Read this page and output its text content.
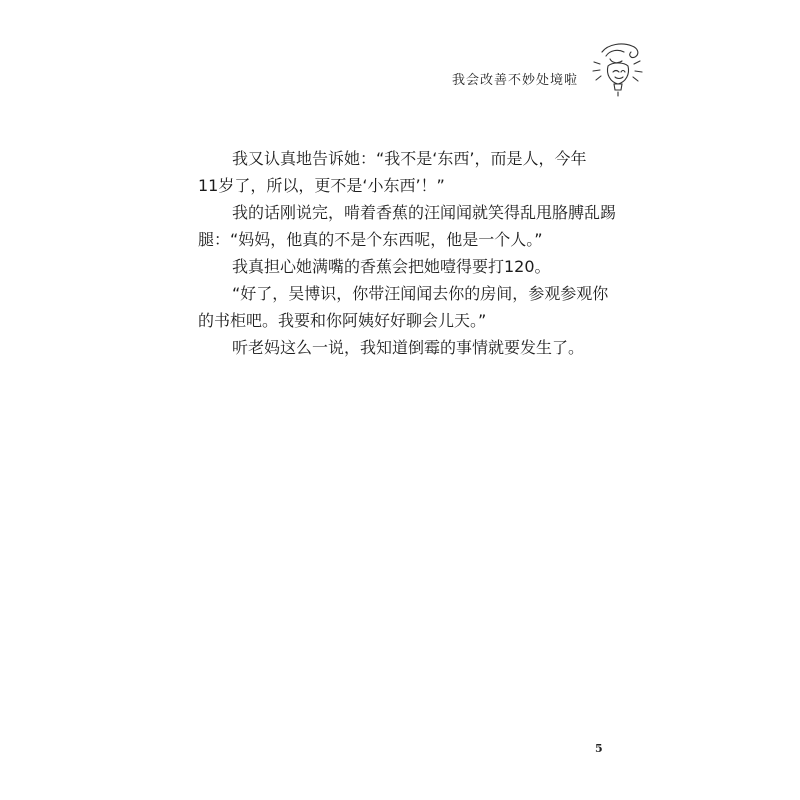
我会改善不妙处境啦
我又认真地告诉她：“我不是‘东西’，而是人，今年
11岁了，所以，更不是‘小东西’！”
我的话刚说完，啃着香蕉的汪闻闻就笑得乱甩胳膊乱踢
腿：“妈妈，他真的不是个东西呢，他是一个人。”
我真担心她满嘴的香蕉会把她噎得要打120。
“好了，吴博识，你带汪闻闻去你的房间，参观参观你
的书柜吧。我要和你阿姨好好聊会儿天。”
听老妈这么一说，我知道倒霉的事情就要发生了。
5
